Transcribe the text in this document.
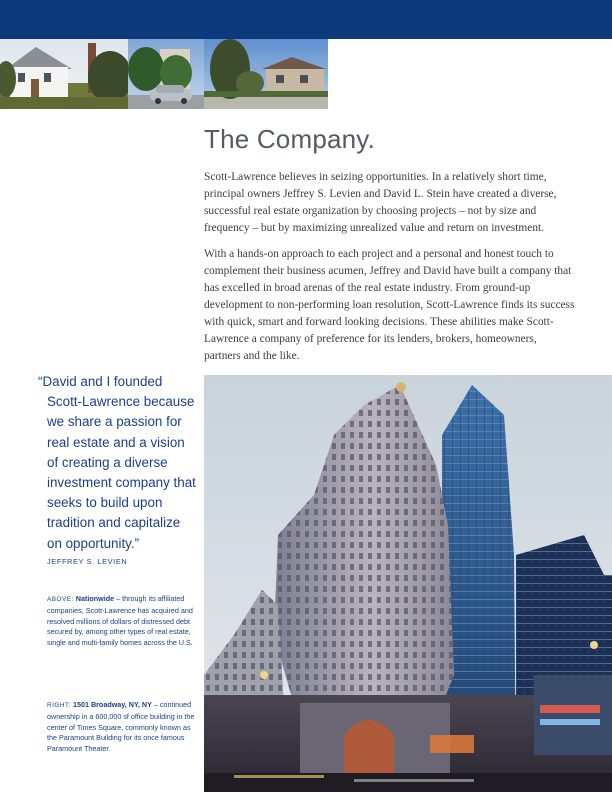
The Company.

Scott-Lawrence believes in seizing opportunities. In a relatively short time, principal owners Jeffrey S. Levien and David L. Stein have created a diverse, successful real estate organization by choosing projects – not by size and frequency – but by maximizing unrealized value and return on investment.

With a hands-on approach to each project and a personal and honest touch to complement their business acumen, Jeffrey and David have built a company that has excelled in broad arenas of the real estate industry. From ground-up development to non-performing loan resolution, Scott-Lawrence finds its success with quick, smart and forward looking decisions. These abilities make Scott-Lawrence a company of preference for its lenders, brokers, homeowners, partners and the like.

“David and I founded Scott-Lawrence because we share a passion for real estate and a vision of creating a diverse investment company that seeks to build upon tradition and capitalize on opportunity.”

JEFFREY S. LEVIEN

ABOVE: Nationwide – through its affiliated companies, Scott-Lawrence has acquired and resolved millions of dollars of distressed debt secured by, among other types of real estate, single and multi-family homes across the U.S.

RIGHT: 1501 Broadway, NY, NY – continued ownership in a 600,000 sf office building in the center of Times Square, commonly known as the Paramount Building for its once famous Paramount Theater.
